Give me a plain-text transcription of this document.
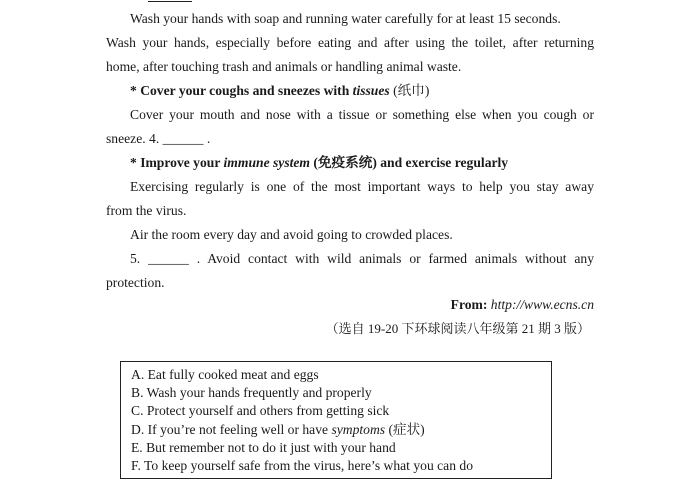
Wash your hands with soap and running water carefully for at least 15 seconds.
Wash your hands, especially before eating and after using the toilet, after returning
home, after touching trash and animals or handling animal waste.
* Cover your coughs and sneezes with tissues (纸巾)
Cover your mouth and nose with a tissue or something else when you cough or
sneeze. 4. ______ .
* Improve your immune system (免疫系统) and exercise regularly
Exercising regularly is one of the most important ways to help you stay away
from the virus.
Air the room every day and avoid going to crowded places.
5. ______ . Avoid contact with wild animals or farmed animals without any
protection.
From: http://www.ecns.cn
（选自 19-20 下环球阅读八年级第 21 期 3 版）
A. Eat fully cooked meat and eggs
B. Wash your hands frequently and properly
C. Protect yourself and others from getting sick
D. If you’re not feeling well or have symptoms (症状)
E. But remember not to do it just with your hand
F. To keep yourself safe from the virus, here’s what you can do
